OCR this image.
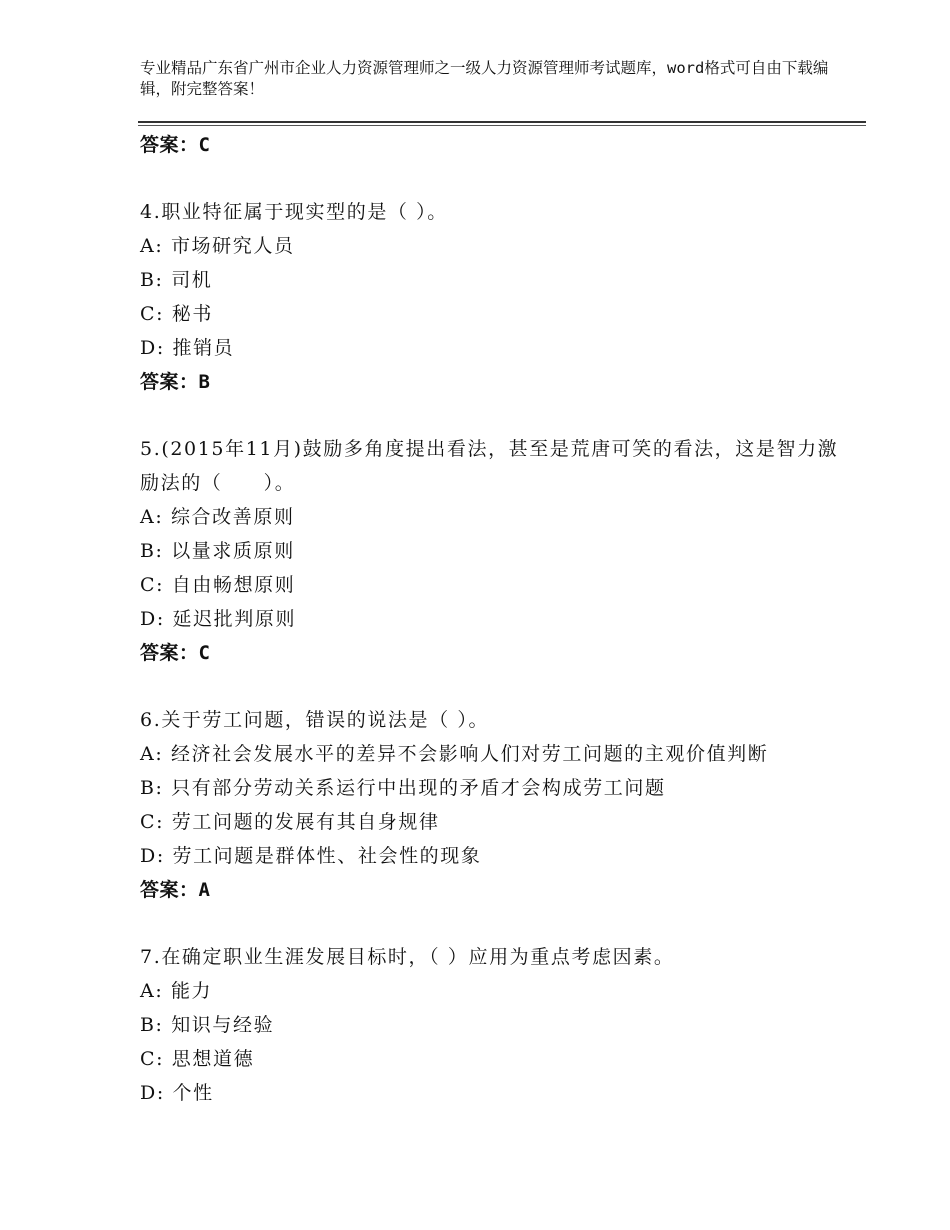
专业精品广东省广州市企业人力资源管理师之一级人力资源管理师考试题库，word格式可自由下载编辑，附完整答案！
答案：C
4.职业特征属于现实型的是（ ）。
A: 市场研究人员
B: 司机
C: 秘书
D: 推销员
答案：B
5.(2015年11月)鼓励多角度提出看法，甚至是荒唐可笑的看法，这是智力激励法的（　　）。
A: 综合改善原则
B: 以量求质原则
C: 自由畅想原则
D: 延迟批判原则
答案：C
6.关于劳工问题，错误的说法是（ ）。
A: 经济社会发展水平的差异不会影响人们对劳工问题的主观价值判断
B: 只有部分劳动关系运行中出现的矛盾才会构成劳工问题
C: 劳工问题的发展有其自身规律
D: 劳工问题是群体性、社会性的现象
答案：A
7.在确定职业生涯发展目标时，（ ）应用为重点考虑因素。
A: 能力
B: 知识与经验
C: 思想道德
D: 个性
